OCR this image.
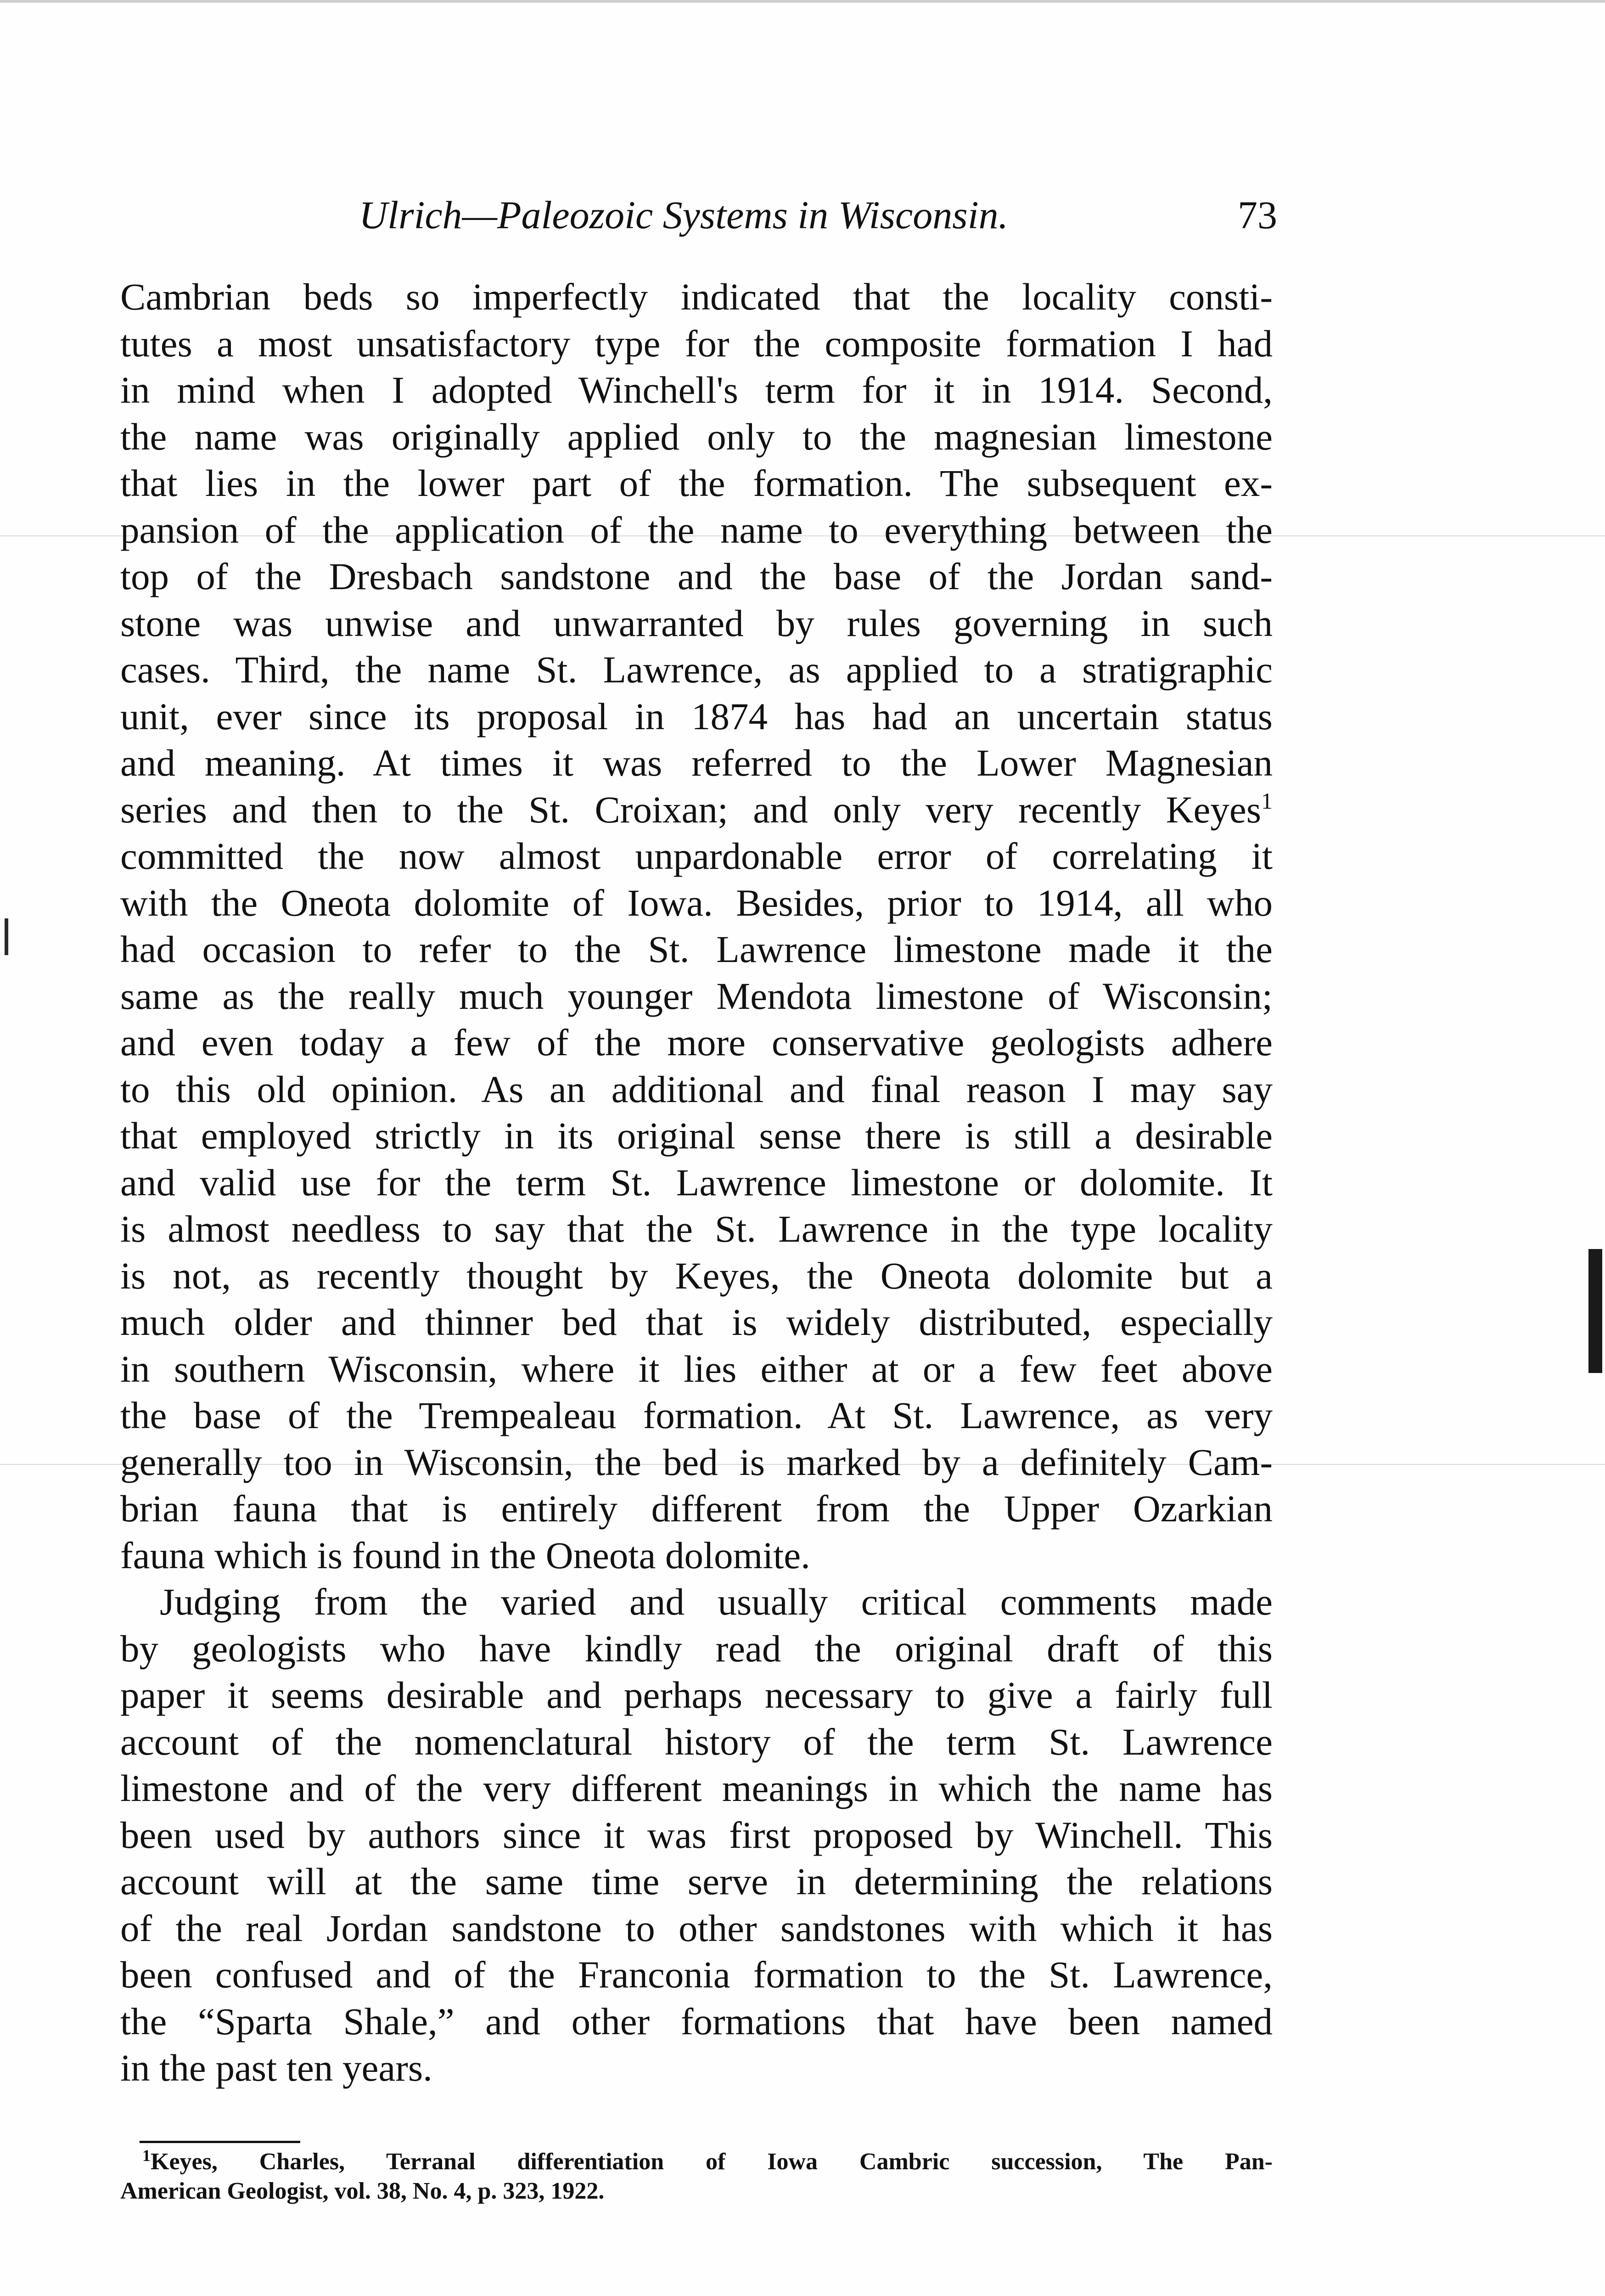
Ulrich—Paleozoic Systems in Wisconsin.	73

Cambrian beds so imperfectly indicated that the locality consti-
tutes a most unsatisfactory type for the composite formation I had
in mind when I adopted Winchell's term for it in 1914. Second,
the name was originally applied only to the magnesian limestone
that lies in the lower part of the formation. The subsequent ex-
pansion of the application of the name to everything between the
top of the Dresbach sandstone and the base of the Jordan sand-
stone was unwise and unwarranted by rules governing in such
cases. Third, the name St. Lawrence, as applied to a stratigraphic
unit, ever since its proposal in 1874 has had an uncertain status
and meaning. At times it was referred to the Lower Magnesian
series and then to the St. Croixan; and only very recently Keyes$^1$
committed the now almost unpardonable error of correlating it
with the Oneota dolomite of Iowa. Besides, prior to 1914, all who
had occasion to refer to the St. Lawrence limestone made it the
same as the really much younger Mendota limestone of Wisconsin;
and even today a few of the more conservative geologists adhere
to this old opinion. As an additional and final reason I may say
that employed strictly in its original sense there is still a desirable
and valid use for the term St. Lawrence limestone or dolomite. It
is almost needless to say that the St. Lawrence in the type locality
is not, as recently thought by Keyes, the Oneota dolomite but a
much older and thinner bed that is widely distributed, especially
in southern Wisconsin, where it lies either at or a few feet above
the base of the Trempealeau formation. At St. Lawrence, as very
generally too in Wisconsin, the bed is marked by a definitely Cam-
brian fauna that is entirely different from the Upper Ozarkian
fauna which is found in the Oneota dolomite.

Judging from the varied and usually critical comments made
by geologists who have kindly read the original draft of this
paper it seems desirable and perhaps necessary to give a fairly full
account of the nomenclatural history of the term St. Lawrence
limestone and of the very different meanings in which the name has
been used by authors since it was first proposed by Winchell. This
account will at the same time serve in determining the relations
of the real Jordan sandstone to other sandstones with which it has
been confused and of the Franconia formation to the St. Lawrence,
the “Sparta Shale,” and other formations that have been named
in the past ten years.

$^1$Keyes, Charles, Terranal differentiation of Iowa Cambric succession, The Pan-
American Geologist, vol. 38, No. 4, p. 323, 1922.
